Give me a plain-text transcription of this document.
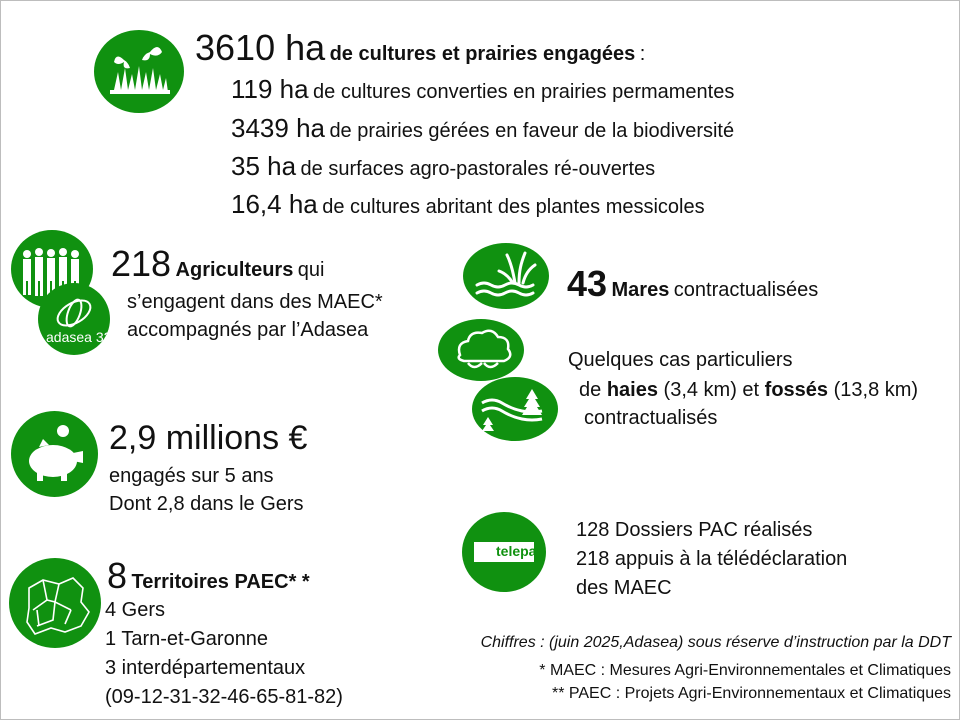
3610 ha de cultures et prairies engagées :
119 ha de cultures converties en prairies permamentes
3439 ha de prairies gérées en faveur de la biodiversité
35 ha de surfaces agro-pastorales ré-ouvertes
16,4 ha de cultures abritant des plantes messicoles
adasea 32
218 Agriculteurs qui
s’engagent dans des MAEC*
accompagnés par l’Adasea
43 Mares contractualisées
Quelques cas particuliers
de haies (3,4 km) et fossés (13,8 km)
contractualisés
2,9 millions €
engagés sur 5 ans
Dont 2,8 dans le Gers
telepac
128 Dossiers PAC réalisés
218 appuis à la télédéclaration
des MAEC
8 Territoires PAEC* *
4 Gers
1 Tarn-et-Garonne
3 interdépartementaux
(09-12-31-32-46-65-81-82)
Chiffres : (juin 2025,Adasea) sous réserve d’instruction par la DDT
* MAEC : Mesures Agri-Environnementales et Climatiques
** PAEC : Projets Agri-Environnementaux et Climatiques
